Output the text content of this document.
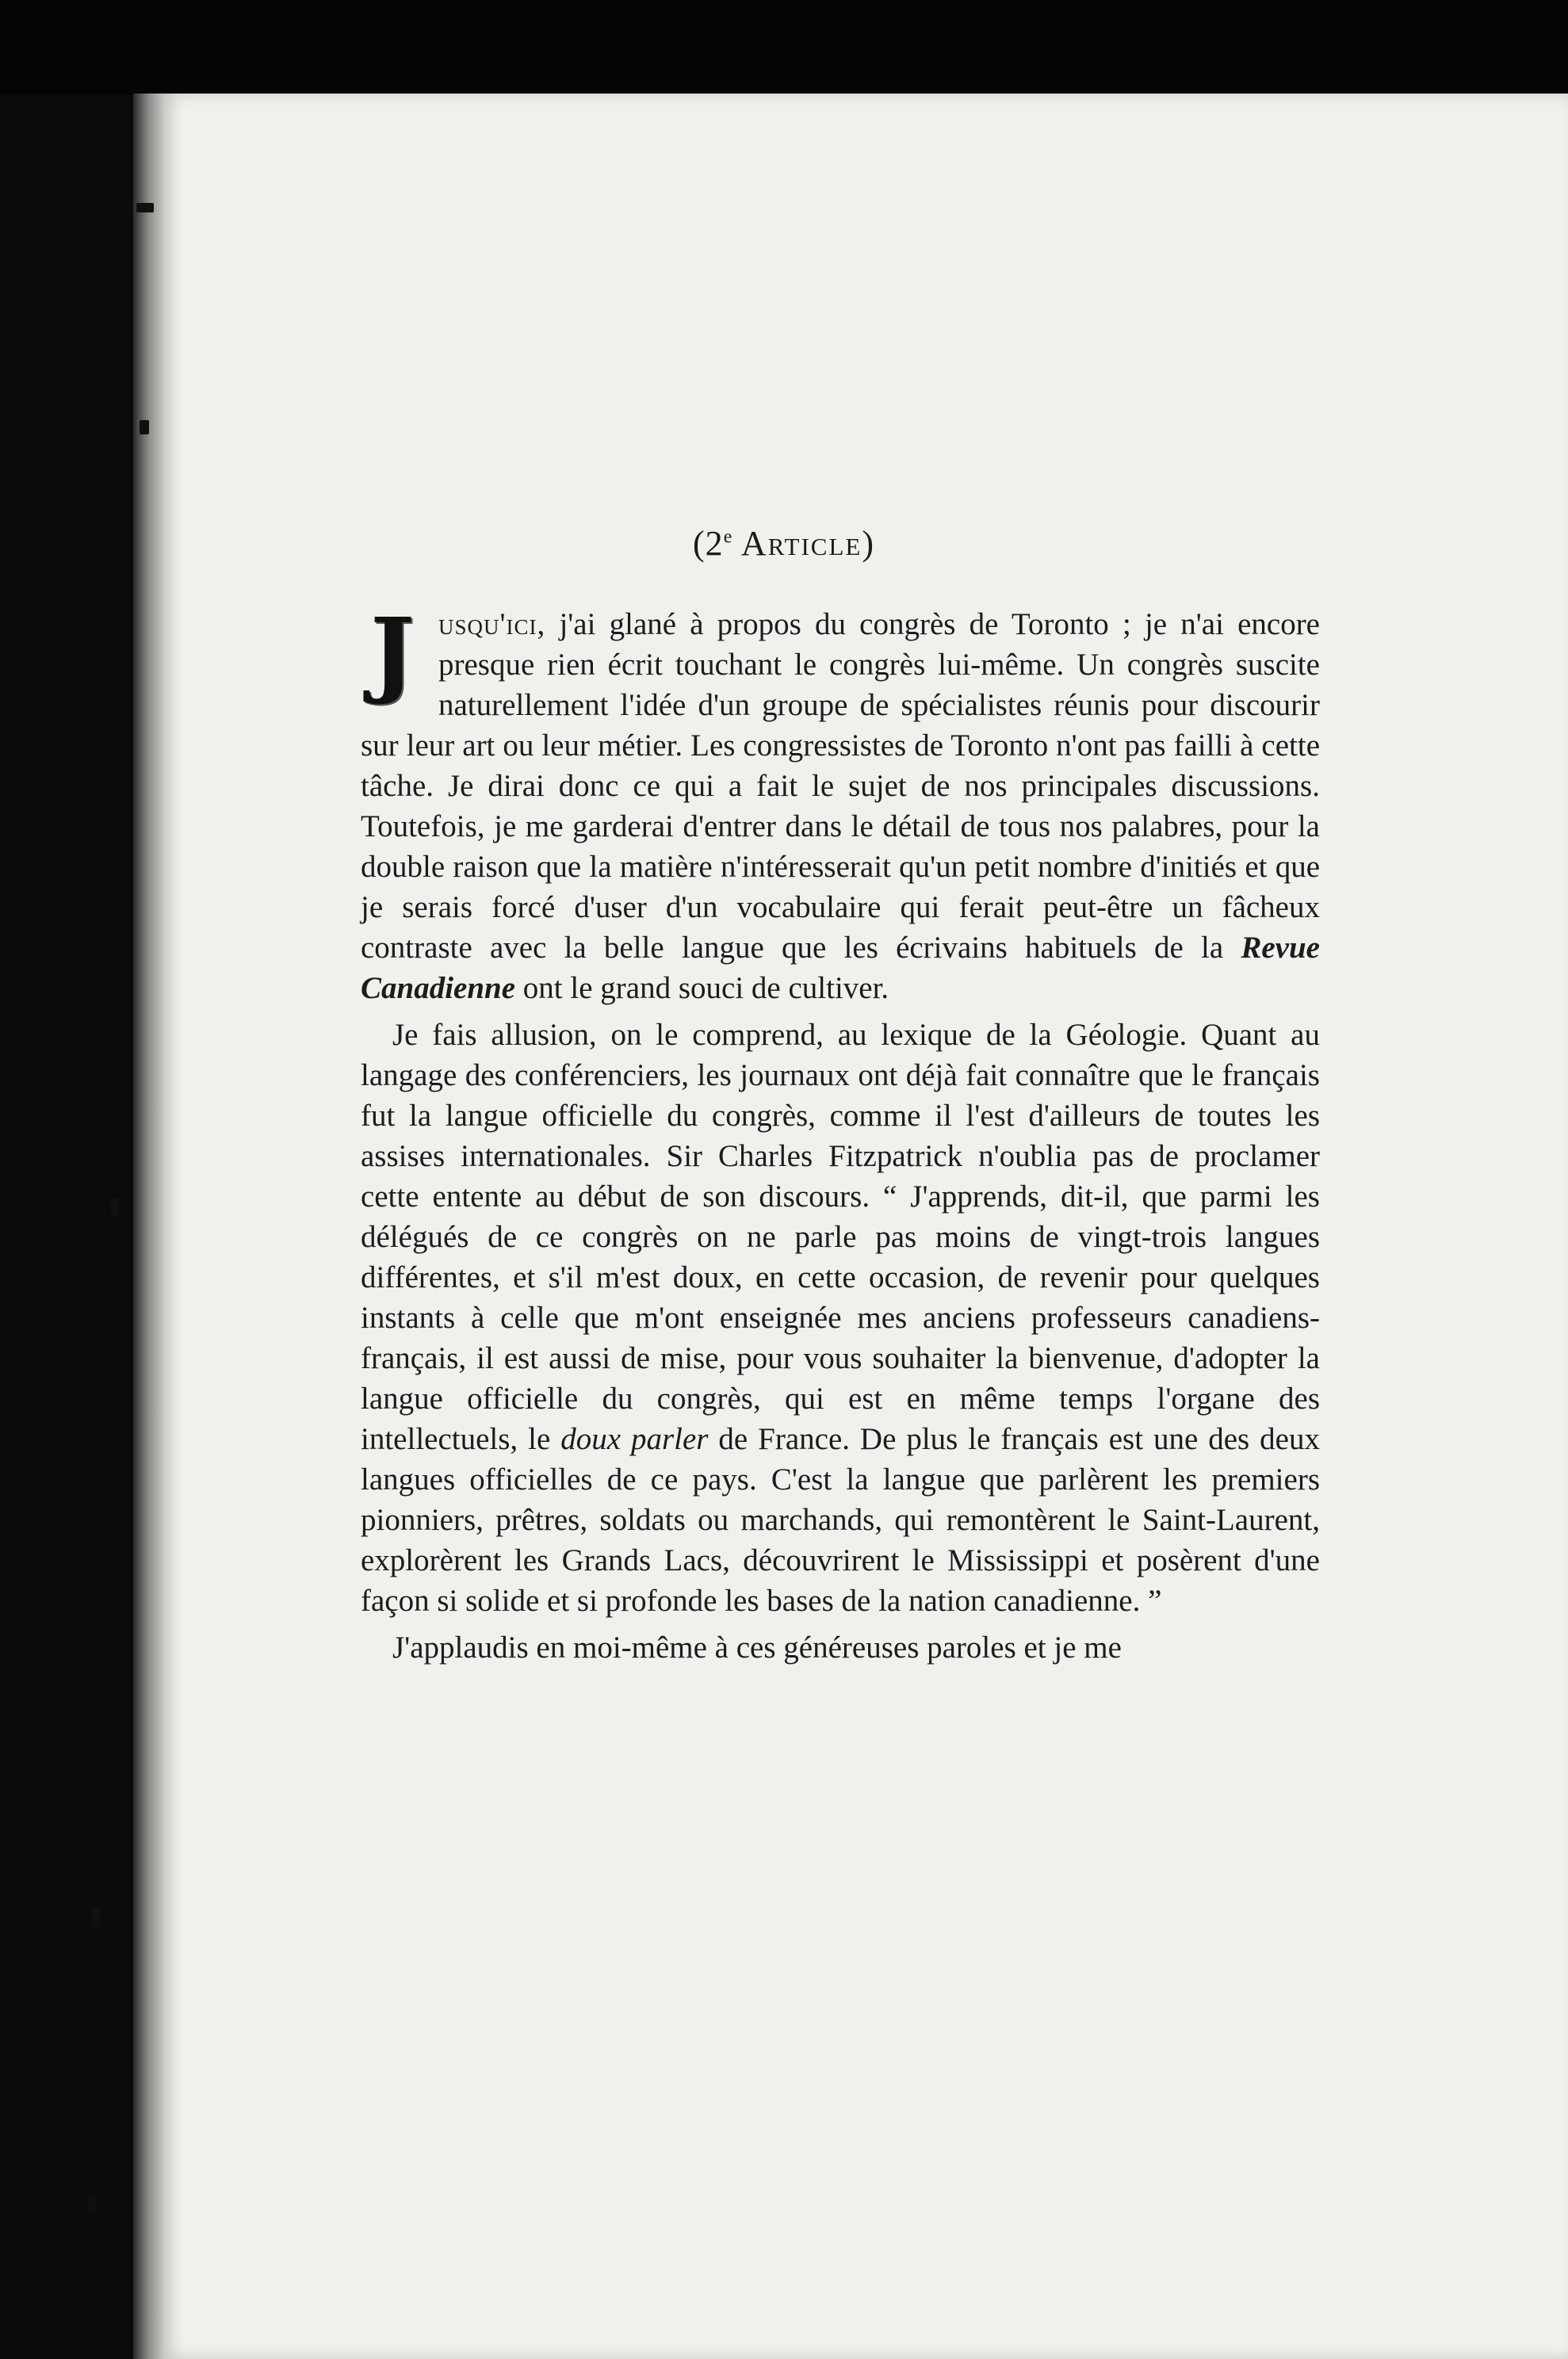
(2e Article)

J usqu'ici, j'ai glané à propos du congrès de Toronto ; je n'ai encore presque rien écrit touchant le congrès lui-même. Un congrès suscite naturellement l'idée d'un groupe de spécialistes réunis pour discourir sur leur art ou leur métier. Les congressistes de Toronto n'ont pas failli à cette tâche. Je dirai donc ce qui a fait le sujet de nos principales discussions. Toutefois, je me garderai d'entrer dans le détail de tous nos palabres, pour la double raison que la matière n'intéresserait qu'un petit nombre d'initiés et que je serais forcé d'user d'un vocabulaire qui ferait peut-être un fâcheux contraste avec la belle langue que les écrivains habituels de la Revue Canadienne ont le grand souci de cultiver.

Je fais allusion, on le comprend, au lexique de la Géologie. Quant au langage des conférenciers, les journaux ont déjà fait connaître que le français fut la langue officielle du congrès, comme il l'est d'ailleurs de toutes les assises internationales. Sir Charles Fitzpatrick n'oublia pas de proclamer cette entente au début de son discours. “ J'apprends, dit-il, que parmi les délégués de ce congrès on ne parle pas moins de vingt-trois langues différentes, et s'il m'est doux, en cette occasion, de revenir pour quelques instants à celle que m'ont enseignée mes anciens professeurs canadiens-français, il est aussi de mise, pour vous souhaiter la bienvenue, d'adopter la langue officielle du congrès, qui est en même temps l'organe des intellectuels, le doux parler de France. De plus le français est une des deux langues officielles de ce pays. C'est la langue que parlèrent les premiers pionniers, prêtres, soldats ou marchands, qui remontèrent le Saint-Laurent, explorèrent les Grands Lacs, découvrirent le Mississippi et posèrent d'une façon si solide et si profonde les bases de la nation canadienne. ”

J'applaudis en moi-même à ces généreuses paroles et je me
